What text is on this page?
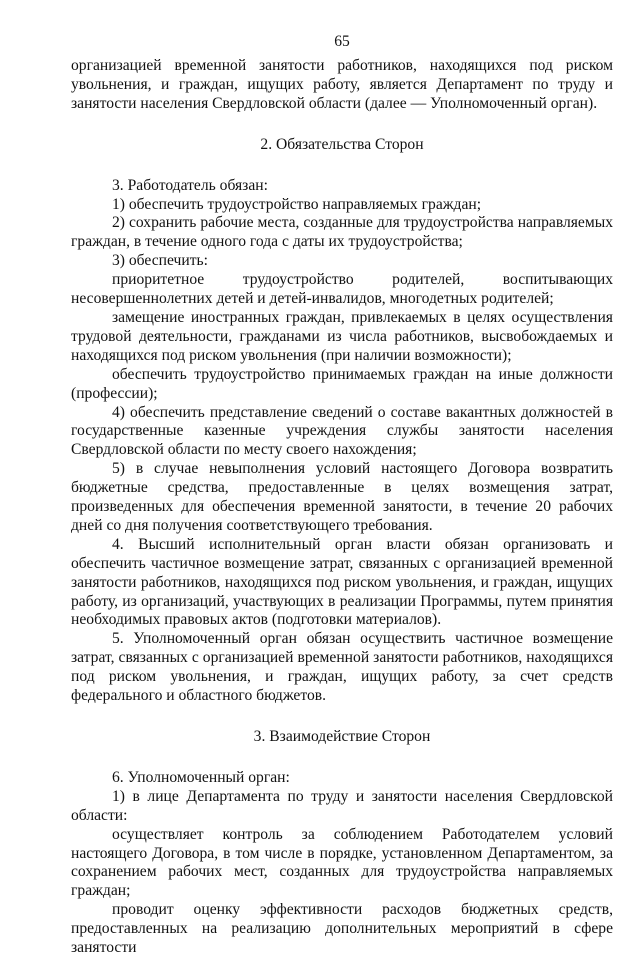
65

организацией временной занятости работников, находящихся под риском увольнения, и граждан, ищущих работу, является Департамент по труду и занятости населения Свердловской области (далее — Уполномоченный орган).

2. Обязательства Сторон

3. Работодатель обязан:

1) обеспечить трудоустройство направляемых граждан;

2) сохранить рабочие места, созданные для трудоустройства направляемых граждан, в течение одного года с даты их трудоустройства;

3) обеспечить:

приоритетное трудоустройство родителей, воспитывающих несовершеннолетних детей и детей-инвалидов, многодетных родителей;

замещение иностранных граждан, привлекаемых в целях осуществления трудовой деятельности, гражданами из числа работников, высвобождаемых и находящихся под риском увольнения (при наличии возможности);

обеспечить трудоустройство принимаемых граждан на иные должности (профессии);

4) обеспечить представление сведений о составе вакантных должностей в государственные казенные учреждения службы занятости населения Свердловской области по месту своего нахождения;

5) в случае невыполнения условий настоящего Договора возвратить бюджетные средства, предоставленные в целях возмещения затрат, произведенных для обеспечения временной занятости, в течение 20 рабочих дней со дня получения соответствующего требования.

4. Высший исполнительный орган власти обязан организовать и обеспечить частичное возмещение затрат, связанных с организацией временной занятости работников, находящихся под риском увольнения, и граждан, ищущих работу, из организаций, участвующих в реализации Программы, путем принятия необходимых правовых актов (подготовки материалов).

5. Уполномоченный орган обязан осуществить частичное возмещение затрат, связанных с организацией временной занятости работников, находящихся под риском увольнения, и граждан, ищущих работу, за счет средств федерального и областного бюджетов.

3. Взаимодействие Сторон

6. Уполномоченный орган:

1) в лице Департамента по труду и занятости населения Свердловской области:

осуществляет контроль за соблюдением Работодателем условий настоящего Договора, в том числе в порядке, установленном Департаментом, за сохранением рабочих мест, созданных для трудоустройства направляемых граждан;

проводит оценку эффективности расходов бюджетных средств, предоставленных на реализацию дополнительных мероприятий в сфере занятости
